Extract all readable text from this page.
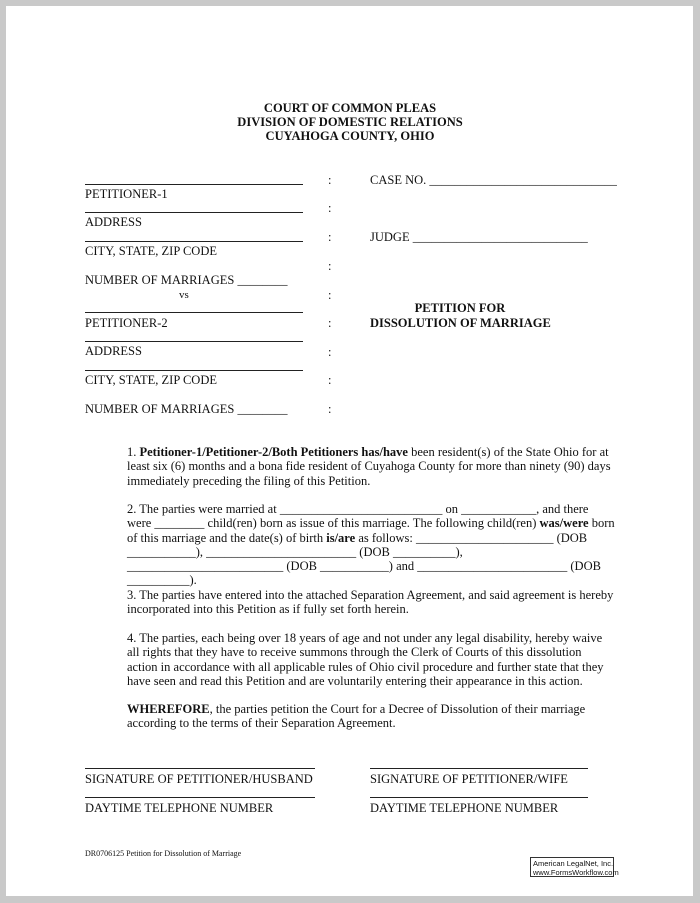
COURT OF COMMON PLEAS
DIVISION OF DOMESTIC RELATIONS
CUYAHOGA COUNTY, OHIO
PETITIONER-1
ADDRESS
CITY, STATE, ZIP CODE
NUMBER OF MARRIAGES ________
vs
PETITIONER-2
ADDRESS
CITY, STATE, ZIP CODE
NUMBER OF MARRIAGES ________
:
:
:
:
:
:
:
:
:
CASE NO. ______________________________
JUDGE ____________________________
PETITION FOR
DISSOLUTION OF MARRIAGE

1. Petitioner-1/Petitioner-2/Both Petitioners has/have been resident(s) of the State Ohio for at least six (6) months and a bona fide resident of Cuyahoga County for more than ninety (90) days immediately preceding the filing of this Petition.

2. The parties were married at __________________________ on ____________, and there were ________ child(ren) born as issue of this marriage. The following child(ren) was/were born of this marriage and the date(s) of birth is/are as follows: ______________________ (DOB ___________), ________________________ (DOB __________), _________________________ (DOB ___________) and ________________________ (DOB __________).

3. The parties have entered into the attached Separation Agreement, and said agreement is hereby incorporated into this Petition as if fully set forth herein.

4. The parties, each being over 18 years of age and not under any legal disability, hereby waive all rights that they have to receive summons through the Clerk of Courts of this dissolution action in accordance with all applicable rules of Ohio civil procedure and further state that they have seen and read this Petition and are voluntarily entering their appearance in this action.

WHEREFORE, the parties petition the Court for a Decree of Dissolution of their marriage according to the terms of their Separation Agreement.

SIGNATURE OF PETITIONER/HUSBAND	SIGNATURE OF PETITIONER/WIFE
DAYTIME TELEPHONE NUMBER	DAYTIME TELEPHONE NUMBER
DR0706125 Petition for Dissolution of Marriage
American LegalNet, Inc.
www.FormsWorkflow.com
